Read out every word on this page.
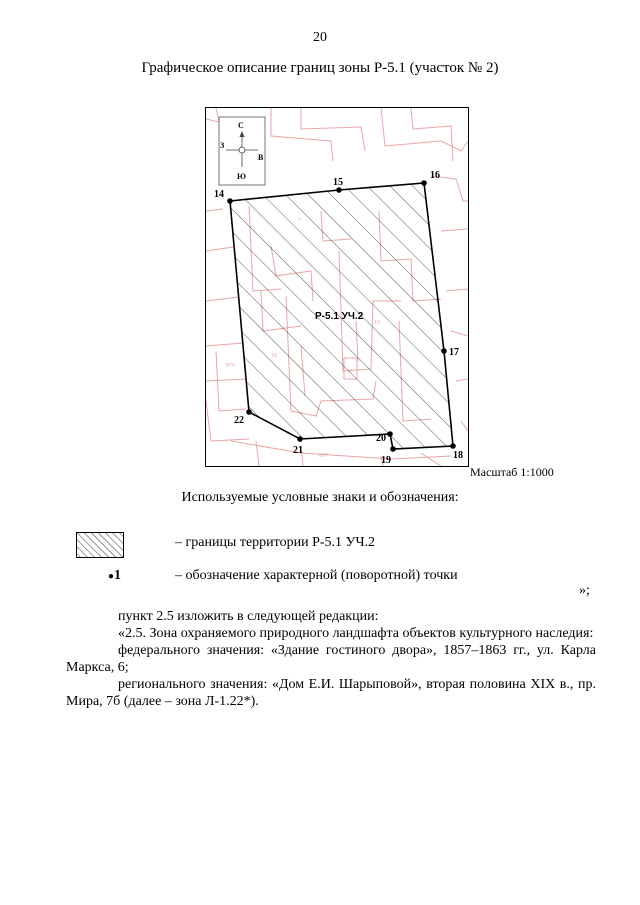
20
Графическое описание границ зоны Р-5.1 (участок № 2)
976
897
Р-5.1 УЧ.2
14
15
16
17
18
19
20
21
22
С
Ю
З
В
Масштаб 1:1000
Используемые условные знаки и обозначения:
– границы территории Р-5.1 УЧ.2
●1	– обозначение характерной (поворотной) точки
»;

пункт 2.5 изложить в следующей редакции:

«2.5. Зона охраняемого природного ландшафта объектов культурного наследия:

федерального значения: «Здание гостиного двора», 1857–1863 гг., ул. Карла Маркса, 6;

регионального значения: «Дом Е.И. Шарыповой», вторая половина XIX в., пр. Мира, 7б (далее – зона Л-1.22*).
